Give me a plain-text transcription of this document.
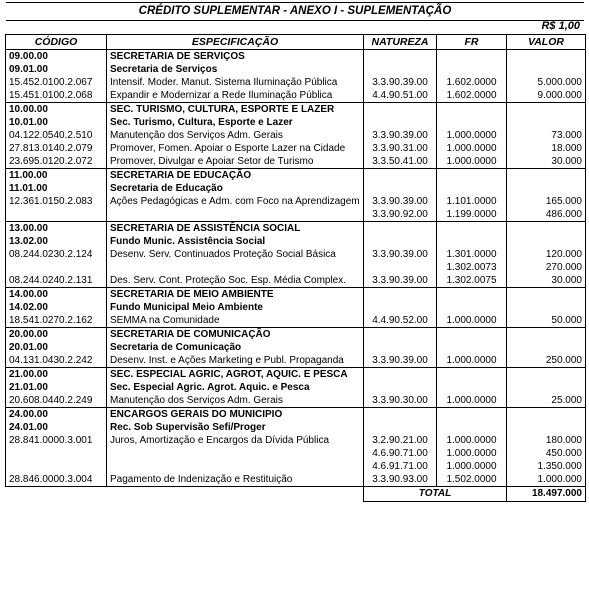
CRÉDITO SUPLEMENTAR - ANEXO I - SUPLEMENTAÇÃO
R$ 1,00
CÓDIGO	ESPECIFICAÇÃO	NATUREZA	FR	VALOR
09.00.00	SECRETARIA DE SERVIÇOS			
09.01.00	Secretaria de Serviços			
15.452.0100.2.067	Intensif. Moder. Manut. Sistema Iluminação Pública	3.3.90.39.00	1.602.0000	5.000.000

15.451.0100.2.068	Expandir e Modernizar a Rede Iluminação Pública	4.4.90.51.00	1.602.0000	9.000.000
10.00.00	SEC. TURISMO, CULTURA, ESPORTE E LAZER			
10.01.00	Sec. Turismo, Cultura, Esporte e Lazer			
04.122.0540.2.510	Manutenção dos Serviços Adm. Gerais	3.3.90.39.00	1.000.0000	73.000

27.813.0140.2.079	Promover, Fomen. Apoiar o Esporte Lazer na Cidade	3.3.90.31.00	1.000.0000	18.000

23.695.0120.2.072	Promover, Divulgar e Apoiar Setor de Turismo	3.3.50.41.00	1.000.0000	30.000
11.00.00	SECRETARIA DE EDUCAÇÃO			
11.01.00	Secretaria de Educação			
12.361.0150.2.083	Ações Pedagógicas e Adm. com Foco na Aprendizagem	3.3.90.39.00	1.101.0000	165.000
		3.3.90.92.00	1.199.0000	486.000

13.00.00	SECRETARIA DE ASSISTÊNCIA SOCIAL			
13.02.00	Fundo Munic. Assistência Social			
08.244.0230.2.124	Desenv. Serv. Continuados Proteção Social Básica	3.3.90.39.00	1.301.0000	120.000
			1.302.0073	270.000

08.244.0240.2.131	Des. Serv. Cont. Proteção Soc. Esp. Média Complex.	3.3.90.39.00	1.302.0075	30.000
14.00.00	SECRETARIA DE MEIO AMBIENTE			
14.02.00	Fundo Municipal Meio Ambiente			
18.541.0270.2.162	SEMMA na Comunidade	4.4.90.52.00	1.000.0000	50.000

20.00.00	SECRETARIA DE COMUNICAÇÃO			
20.01.00	Secretaria de Comunicação			
04.131.0430.2.242	Desenv. Inst. e Ações Marketing e Publ. Propaganda	3.3.90.39.00	1.000.0000	250.000
21.00.00	SEC. ESPECIAL AGRIC, AGROT, AQUIC. E PESCA			
21.01.00	Sec. Especial Agric. Agrot. Aquic. e Pesca			
20.608.0440.2.249	Manutenção dos Serviços Adm. Gerais	3.3.90.30.00	1.000.0000	25.000
24.00.00	ENCARGOS GERAIS DO MUNICIPIO			
24.01.00	Rec. Sob Supervisão Sefi/Proger			
28.841.0000.3.001	Juros, Amortização e Encargos da Dívida Pública	3.2.90.21.00	1.000.0000	180.000
		4.6.90.71.00	1.000.0000	450.000
		4.6.91.71.00	1.000.0000	1.350.000

28.846.0000.3.004	Pagamento de Indenização e Restituição	3.3.90.93.00	1.502.0000	1.000.000
		TOTAL		18.497.000
